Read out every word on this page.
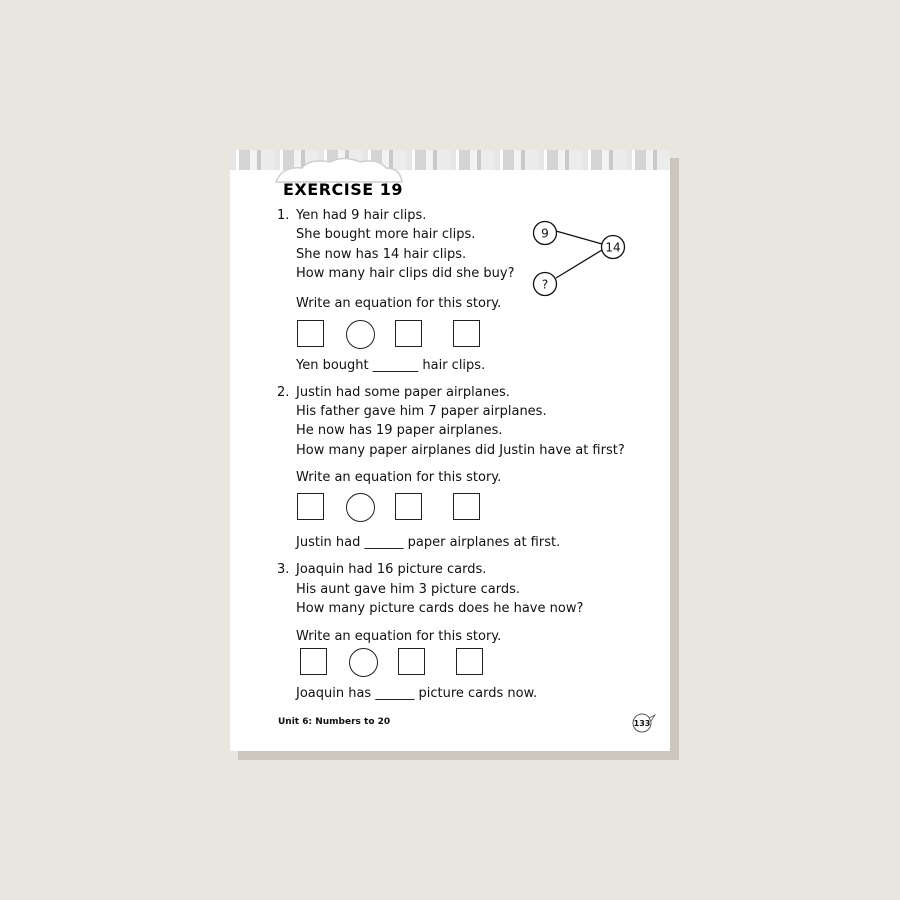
EXERCISE 19
1. Yen had 9 hair clips.
She bought more hair clips.
She now has 14 hair clips.
How many hair clips did she buy?
Write an equation for this story.
Yen bought _______ hair clips.
9
14
?
2. Justin had some paper airplanes.
His father gave him 7 paper airplanes.
He now has 19 paper airplanes.
How many paper airplanes did Justin have at first?
Write an equation for this story.
Justin had ______ paper airplanes at first.
3. Joaquin had 16 picture cards.
His aunt gave him 3 picture cards.
How many picture cards does he have now?
Write an equation for this story.
Joaquin has ______ picture cards now.
Unit 6: Numbers to 20	133
